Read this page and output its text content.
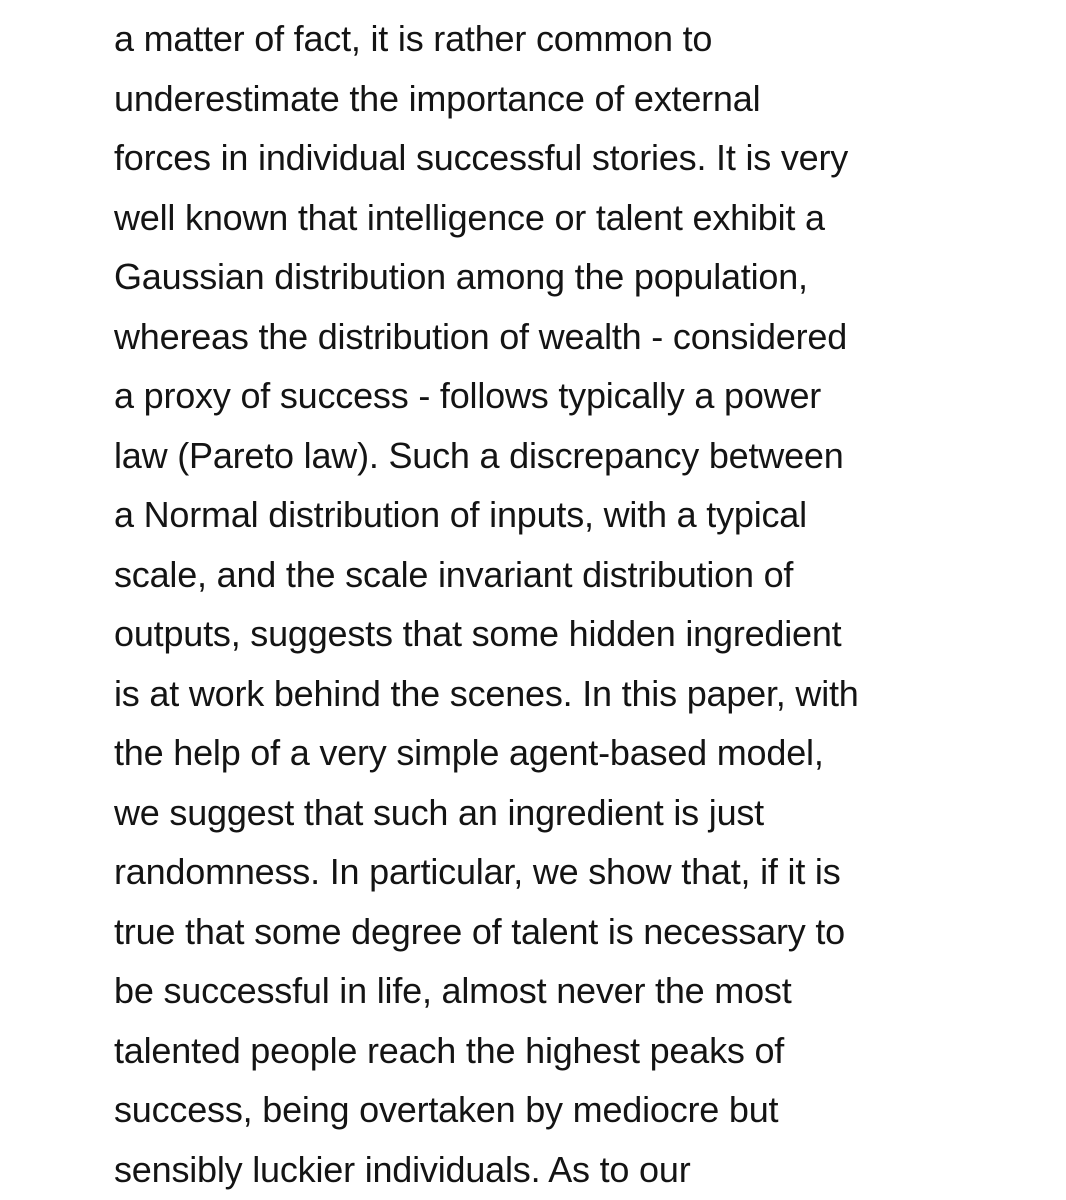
a matter of fact, it is rather common to
underestimate the importance of external
forces in individual successful stories. It is very
well known that intelligence or talent exhibit a
Gaussian distribution among the population,
whereas the distribution of wealth - considered
a proxy of success - follows typically a power
law (Pareto law). Such a discrepancy between
a Normal distribution of inputs, with a typical
scale, and the scale invariant distribution of
outputs, suggests that some hidden ingredient
is at work behind the scenes. In this paper, with
the help of a very simple agent-based model,
we suggest that such an ingredient is just
randomness. In particular, we show that, if it is
true that some degree of talent is necessary to
be successful in life, almost never the most
talented people reach the highest peaks of
success, being overtaken by mediocre but
sensibly luckier individuals. As to our
